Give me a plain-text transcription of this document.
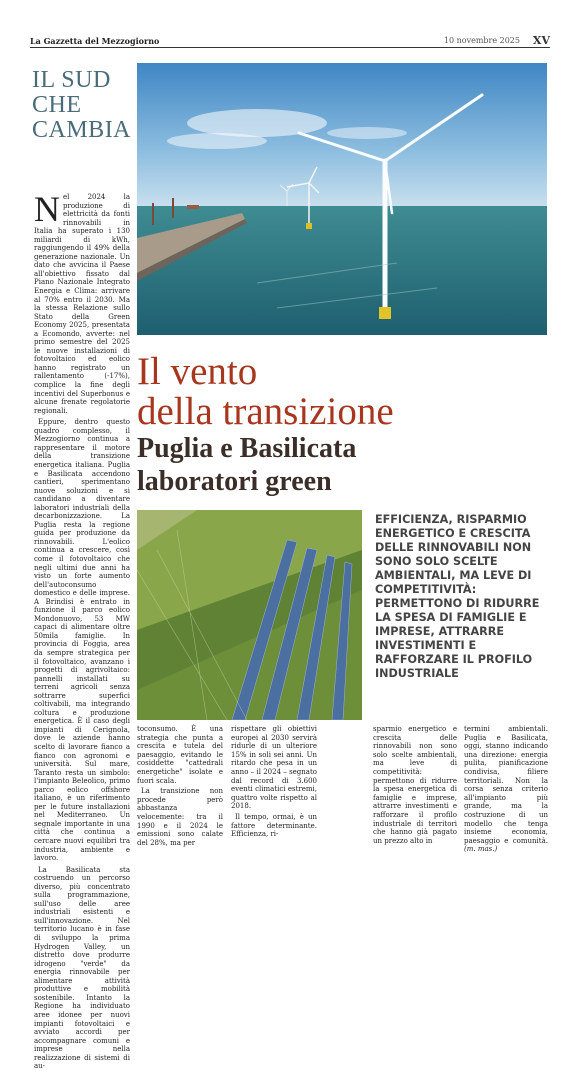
La Gazzetta del Mezzogiorno	10 novembre 2025 XV
IL SUD
CHE
CAMBIA

Nel 2024 la produzione di elettricità da fonti rinnovabili in Italia ha superato i 130 miliardi di kWh, raggiungendo il 49% della generazione nazionale. Un dato che avvicina il Paese all'obiettivo fissato dal Piano Nazionale Integrato Energia e Clima: arrivare al 70% entro il 2030. Ma la stessa Relazione sullo Stato della Green Economy 2025, presentata a Ecomondo, avverte: nel primo semestre del 2025 le nuove installazioni di fotovoltaico ed eolico hanno registrato un rallentamento (-17%), complice la fine degli incentivi del Superbonus e alcune frenate regolatorie regionali.

Eppure, dentro questo quadro complesso, il Mezzogiorno continua a rappresentare il motore della transizione energetica italiana. Puglia e Basilicata accendono cantieri, sperimentano nuove soluzioni e si candidano a diventare laboratori industriali della decarbonizzazione. La Puglia resta la regione guida per produzione da rinnovabili. L'eolico continua a crescere, così come il fotovoltaico che negli ultimi due anni ha visto un forte aumento dell'autoconsumo domestico e delle imprese. A Brindisi è entrato in funzione il parco eolico Mondonuovo, 53 MW capaci di alimentare oltre 50mila famiglie. In provincia di Foggia, area da sempre strategica per il fotovoltaico, avanzano i progetti di agrivoltaico: pannelli installati su terreni agricoli senza sottrarre superfici coltivabili, ma integrando coltura e produzione energetica. È il caso degli impianti di Cerignola, dove le aziende hanno scelto di lavorare fianco a fianco con agronomi e università. Sul mare, Taranto resta un simbolo: l'impianto Beleolico, primo parco eolico offshore italiano, è un riferimento per le future installazioni nel Mediterraneo. Un segnale importante in una città che continua a cercare nuovi equilibri tra industria, ambiente e lavoro.

La Basilicata sta costruendo un percorso diverso, più concentrato sulla programmazione, sull'uso delle aree industriali esistenti e sull'innovazione. Nel territorio lucano è in fase di sviluppo la prima Hydrogen Valley, un distretto dove produrre idrogeno "verde" da energia rinnovabile per alimentare attività produttive e mobilità sostenibile. Intanto la Regione ha individuato aree idonee per nuovi impianti fotovoltaici e avviato accordi per accompagnare comuni e imprese nella realizzazione di sistemi di au-

Il vento
della transizione
Puglia e Basilicata
laboratori green
EFFICIENZA, RISPARMIO ENERGETICO E CRESCITA DELLE RINNOVABILI NON SONO SOLO SCELTE AMBIENTALI, MA LEVE DI COMPETITIVITÀ: PERMETTONO DI RIDURRE LA SPESA DI FAMIGLIE E IMPRESE, ATTRARRE INVESTIMENTI E RAFFORZARE IL PROFILO INDUSTRIALE

toconsumo. È una strategia che punta a crescita e tutela del paesaggio, evitando le cosiddette "cattedrali energetiche" isolate e fuori scala.

La transizione non procede però abbastanza velocemente: tra il 1990 e il 2024 le emissioni sono calate del 28%, ma per

rispettare gli obiettivi europei al 2030 servirà ridurle di un ulteriore 15% in soli sei anni. Un ritardo che pesa in un anno – il 2024 – segnato dal record di 3.600 eventi climatici estremi, quattro volte rispetto al 2018.

Il tempo, ormai, è un fattore determinante. Efficienza, ri-

sparmio energetico e crescita delle rinnovabili non sono solo scelte ambientali, ma leve di competitività: permettono di ridurre la spesa energetica di famiglie e imprese, attrarre investimenti e rafforzare il profilo industriale di territori che hanno già pagato un prezzo alto in

termini ambientali. Puglia e Basilicata, oggi, stanno indicando una direzione: energia pulita, pianificazione condivisa, filiere territoriali. Non la corsa senza criterio all'impianto più grande, ma la costruzione di un modello che tenga insieme economia, paesaggio e comunità. (m. mas.)
